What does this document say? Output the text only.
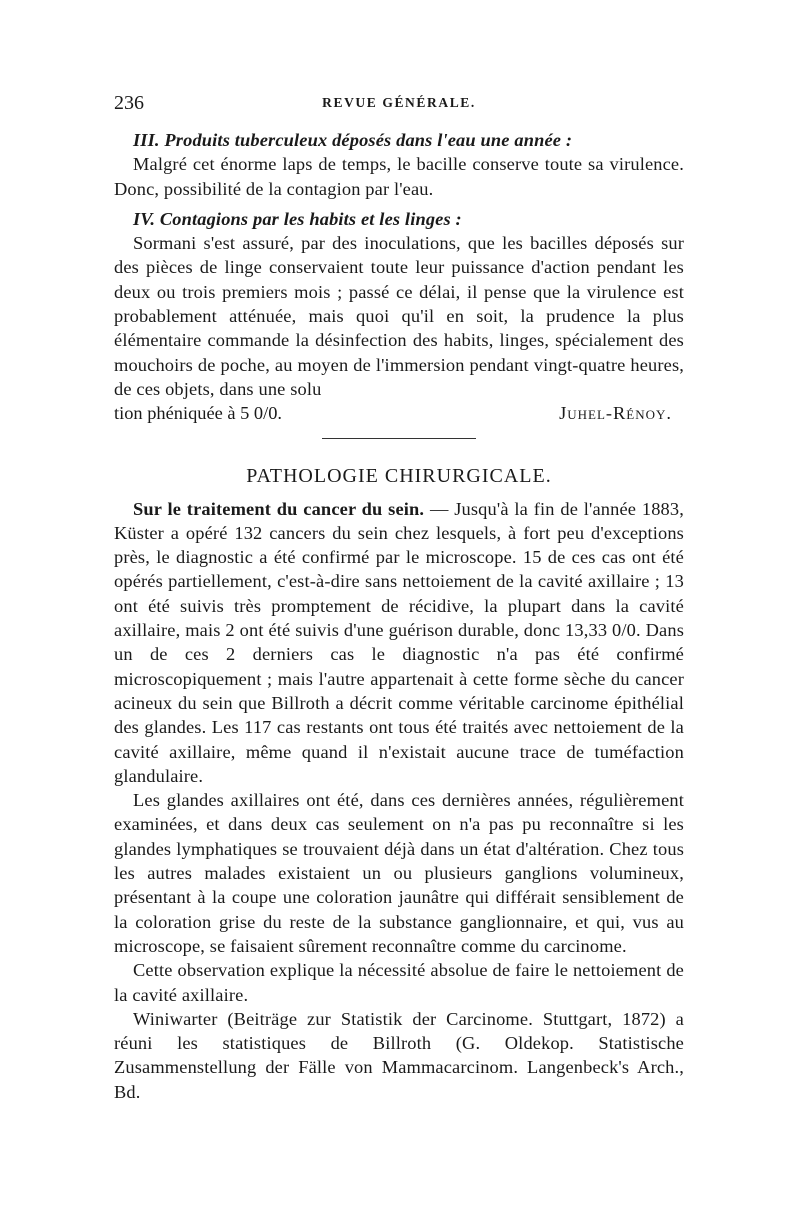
236	REVUE GÉNÉRALE.

III. Produits tuberculeux déposés dans l'eau une année :

Malgré cet énorme laps de temps, le bacille conserve toute sa virulence. Donc, possibilité de la contagion par l'eau.

IV. Contagions par les habits et les linges :

Sormani s'est assuré, par des inoculations, que les bacilles déposés sur des pièces de linge conservaient toute leur puissance d'action pendant les deux ou trois premiers mois ; passé ce délai, il pense que la virulence est probablement atténuée, mais quoi qu'il en soit, la prudence la plus élémentaire commande la désinfection des habits, linges, spécialement des mouchoirs de poche, au moyen de l'immersion pendant vingt-quatre heures, de ces objets, dans une solu

tion phéniquée à 5 0/0.	Juhel-Rénoy.
PATHOLOGIE CHIRURGICALE.

Sur le traitement du cancer du sein. — Jusqu'à la fin de l'année 1883, Küster a opéré 132 cancers du sein chez lesquels, à fort peu d'exceptions près, le diagnostic a été confirmé par le microscope. 15 de ces cas ont été opérés partiellement, c'est-à-dire sans nettoiement de la cavité axillaire ; 13 ont été suivis très promptement de récidive, la plupart dans la cavité axillaire, mais 2 ont été suivis d'une guérison durable, donc 13,33 0/0. Dans un de ces 2 derniers cas le diagnostic n'a pas été confirmé microscopiquement ; mais l'autre appartenait à cette forme sèche du cancer acineux du sein que Billroth a décrit comme véritable carcinome épithélial des glandes. Les 117 cas restants ont tous été traités avec nettoiement de la cavité axillaire, même quand il n'existait aucune trace de tuméfaction glandulaire.

Les glandes axillaires ont été, dans ces dernières années, régulièrement examinées, et dans deux cas seulement on n'a pas pu reconnaître si les glandes lymphatiques se trouvaient déjà dans un état d'altération. Chez tous les autres malades existaient un ou plusieurs ganglions volumineux, présentant à la coupe une coloration jaunâtre qui différait sensiblement de la coloration grise du reste de la substance ganglionnaire, et qui, vus au microscope, se faisaient sûrement reconnaître comme du carcinome.

Cette observation explique la nécessité absolue de faire le nettoiement de la cavité axillaire.

Winiwarter (Beiträge zur Statistik der Carcinome. Stuttgart, 1872) a réuni les statistiques de Billroth (G. Oldekop. Statistische Zusammenstellung der Fälle von Mammacarcinom. Langenbeck's Arch., Bd.
